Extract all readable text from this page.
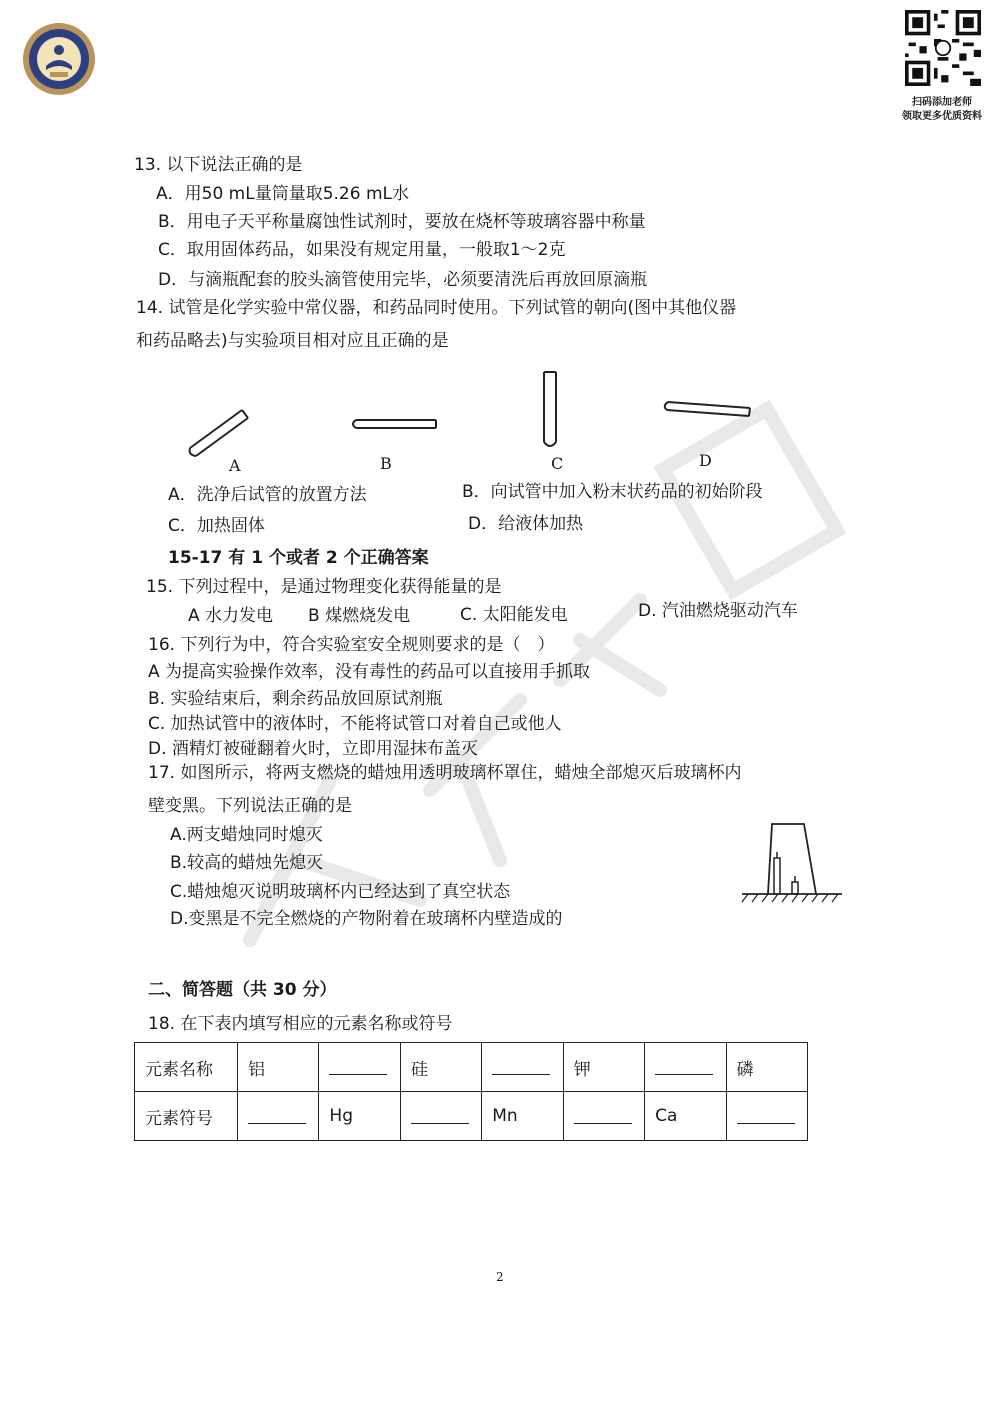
扫码添加老师
领取更多优质资料
13. 以下说法正确的是
A．用50 mL量筒量取5.26 mL水
B．用电子天平称量腐蚀性试剂时，要放在烧杯等玻璃容器中称量
C．取用固体药品，如果没有规定用量，一般取1～2克
D．与滴瓶配套的胶头滴管使用完毕，必须要清洗后再放回原滴瓶
14. 试管是化学实验中常仪器，和药品同时使用。下列试管的朝向(图中其他仪器
和药品略去)与实验项目相对应且正确的是
A	B	C	D
A．洗净后试管的放置方法	B．向试管中加入粉末状药品的初始阶段
C．加热固体	D．给液体加热
15-17 有 1 个或者 2 个正确答案
15. 下列过程中，是通过物理变化获得能量的是
A 水力发电 B 煤燃烧发电	C. 太阳能发电	D. 汽油燃烧驱动汽车
16. 下列行为中，符合实验室安全规则要求的是（　）
A 为提高实验操作效率，没有毒性的药品可以直接用手抓取
B. 实验结束后，剩余药品放回原试剂瓶
C. 加热试管中的液体时，不能将试管口对着自己或他人
D. 酒精灯被碰翻着火时，立即用湿抹布盖灭
17. 如图所示，将两支燃烧的蜡烛用透明玻璃杯罩住，蜡烛全部熄灭后玻璃杯内
壁变黑。下列说法正确的是
A.两支蜡烛同时熄灭
B.较高的蜡烛先熄灭
C.蜡烛熄灭说明玻璃杯内已经达到了真空状态
D.变黑是不完全燃烧的产物附着在玻璃杯内壁造成的
二、简答题（共 30 分）
18. 在下表内填写相应的元素名称或符号
元素名称	铝		硅		钾		磷
元素符号		Hg		Mn		Ca	
2
